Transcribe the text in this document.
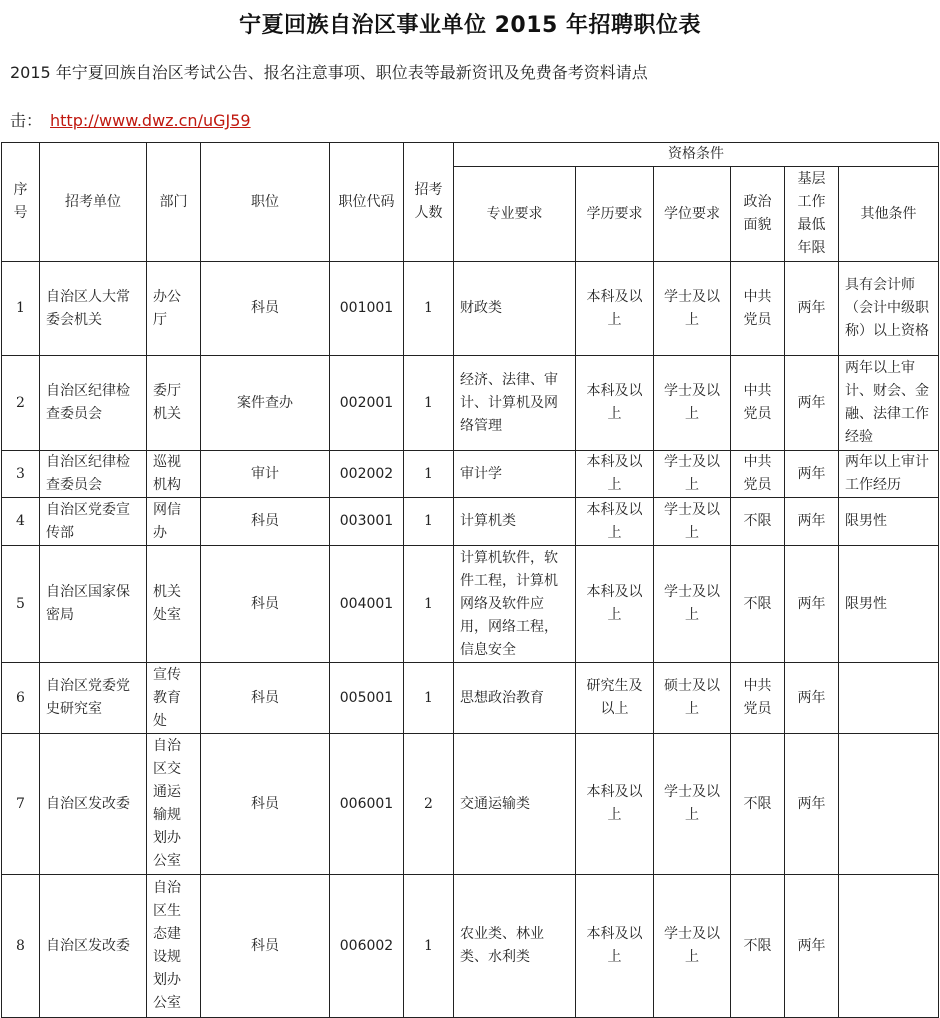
宁夏回族自治区事业单位 2015 年招聘职位表
2015 年宁夏回族自治区考试公告、报名注意事项、职位表等最新资讯及免费备考资料请点
击： http://www.dwz.cn/uGJ59
序号	招考单位	部门	职位	职位代码	招考人数	资格条件					
						专业要求	学历要求	学位要求	政治面貌	基层工作最低年限	其他条件
1	自治区人大常委会机关	办公厅	科员	001001	1	财政类	本科及以上	学士及以上	中共党员	两年	具有会计师（会计中级职称）以上资格
2	自治区纪律检查委员会	委厅机关	案件查办	002001	1	经济、法律、审计、计算机及网络管理	本科及以上	学士及以上	中共党员	两年	两年以上审计、财会、金融、法律工作经验
3	自治区纪律检查委员会	巡视机构	审计	002002	1	审计学	本科及以上	学士及以上	中共党员	两年	两年以上审计工作经历
4	自治区党委宣传部	网信办	科员	003001	1	计算机类	本科及以上	学士及以上	不限	两年	限男性
5	自治区国家保密局	机关处室	科员	004001	1	计算机软件，软件工程，计算机网络及软件应用，网络工程，信息安全	本科及以上	学士及以上	不限	两年	限男性
6	自治区党委党史研究室	宣传教育处	科员	005001	1	思想政治教育	研究生及以上	硕士及以上	中共党员	两年	
7	自治区发改委	自治区交通运输规划办公室	科员	006001	2	交通运输类	本科及以上	学士及以上	不限	两年	
8	自治区发改委	自治区生态建设规划办公室	科员	006002	1	农业类、林业类、水利类	本科及以上	学士及以上	不限	两年	
